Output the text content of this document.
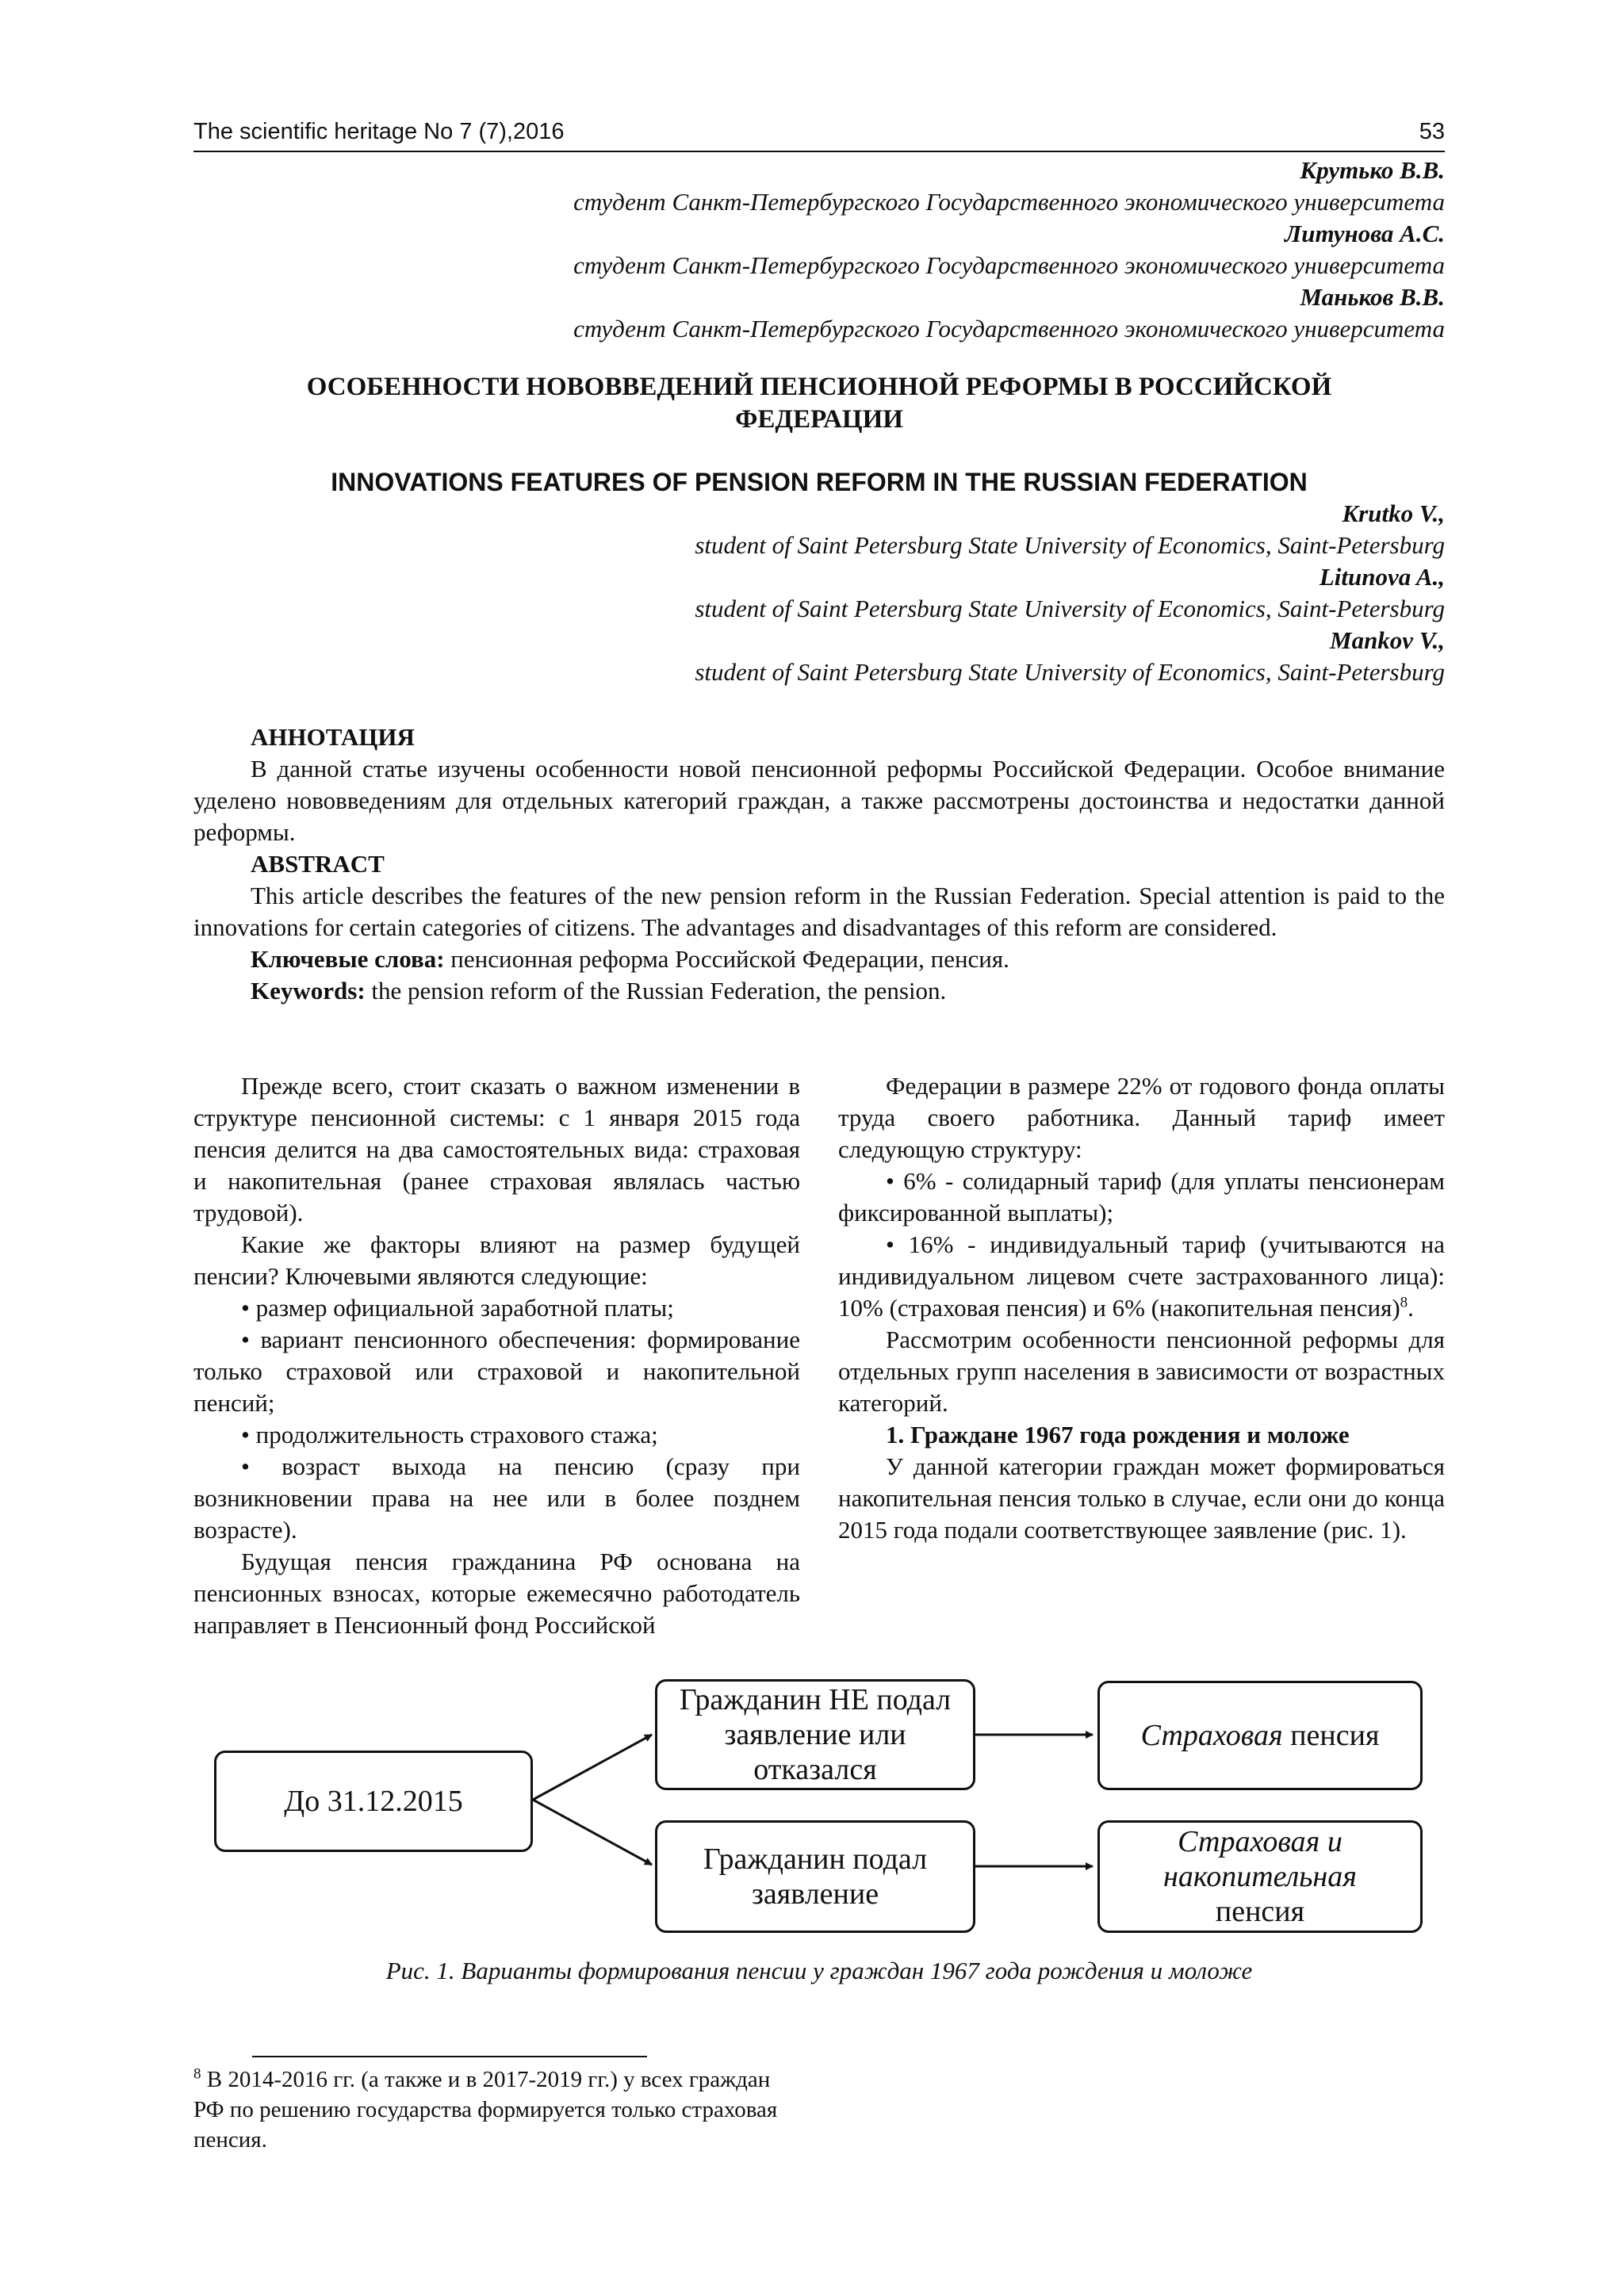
The scientific heritage No 7 (7),2016	53
Крутько В.В.
студент Санкт-Петербургского Государственного экономического университета
Литунова А.С.
студент Санкт-Петербургского Государственного экономического университета
Маньков В.В.
студент Санкт-Петербургского Государственного экономического университета
ОСОБЕННОСТИ НОВОВВЕДЕНИЙ ПЕНСИОННОЙ РЕФОРМЫ В РОССИЙСКОЙ
ФЕДЕРАЦИИ
INNOVATIONS FEATURES OF PENSION REFORM IN THE RUSSIAN FEDERATION
Krutko V.,
student of Saint Petersburg State University of Economics, Saint-Petersburg
Litunova A.,
student of Saint Petersburg State University of Economics, Saint-Petersburg
Mankov V.,
student of Saint Petersburg State University of Economics, Saint-Petersburg

АННОТАЦИЯ

В данной статье изучены особенности новой пенсионной реформы Российской Федерации. Особое внимание уделено нововведениям для отдельных категорий граждан, а также рассмотрены достоинства и недостатки данной реформы.

ABSTRACT

This article describes the features of the new pension reform in the Russian Federation. Special attention is paid to the innovations for certain categories of citizens. The advantages and disadvantages of this reform are considered.

Ключевые слова: пенсионная реформа Российской Федерации, пенсия.

Keywords: the pension reform of the Russian Federation, the pension.

Прежде всего, стоит сказать о важном изменении в структуре пенсионной системы: с 1 января 2015 года пенсия делится на два самостоятельных вида: страховая и накопительная (ранее страховая являлась частью трудовой).

Какие же факторы влияют на размер будущей пенсии? Ключевыми являются следующие:

• размер официальной заработной платы;

• вариант пенсионного обеспечения: формирование только страховой или страховой и накопительной пенсий;

• продолжительность страхового стажа;

• возраст выхода на пенсию (сразу при возникновении права на нее или в более позднем возрасте).

Будущая пенсия гражданина РФ основана на пенсионных взносах, которые ежемесячно работодатель направляет в Пенсионный фонд Российской

Федерации в размере 22% от годового фонда оплаты труда своего работника. Данный тариф имеет следующую структуру:

• 6% - солидарный тариф (для уплаты пенсионерам фиксированной выплаты);

• 16% - индивидуальный тариф (учитываются на индивидуальном лицевом счете застрахованного лица): 10% (страховая пенсия) и 6% (накопительная пенсия)$^8$.

Рассмотрим особенности пенсионной реформы для отдельных групп населения в зависимости от возрастных категорий.

1. Граждане 1967 года рождения и моложе

У данной категории граждан может формироваться накопительная пенсия только в случае, если они до конца 2015 года подали соответствующее заявление (рис. 1).

До 31.12.2015
Гражданин НЕ подал заявление или отказался
Гражданин подал заявление
Страховая пенсия
Страховая и накопительная
пенсия
Рис. 1. Варианты формирования пенсии у граждан 1967 года рождения и моложе
$^8$ В 2014-2016 гг. (а также и в 2017-2019 гг.) у всех граждан РФ по решению государства формируется только страховая пенсия.
